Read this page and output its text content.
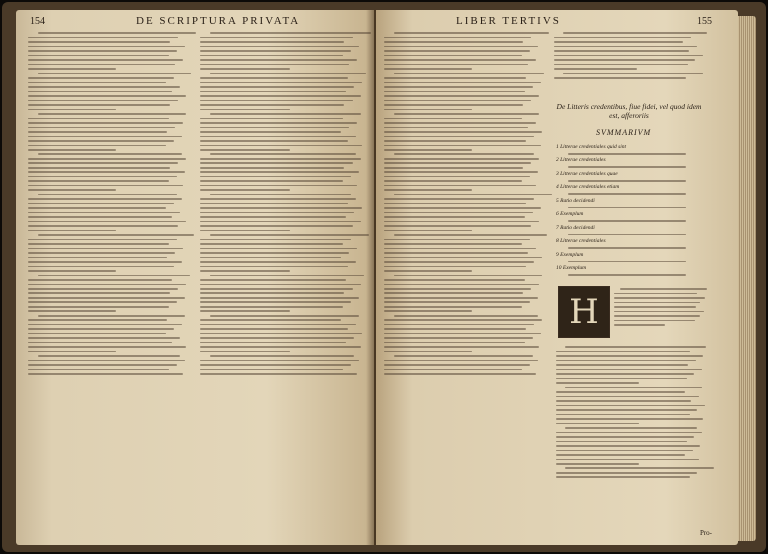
154	DE SCRIPTURA PRIVATA	LIBER TERTIVS	155
De Litteris credentibus, fiue fidei, vel quod idem est, afferoriis
SVMMARIVM

1 Litterae credentiales quid sint

2 Litterae credentiales

3 Litterae credentiales quae

4 Litterae credentiales etiam

5 Ratio decidendi

6 Exemplum

7 Ratio decidendi

8 Litterae credentiales

9 Exemplum

10 Exemplum

H
Pro-
